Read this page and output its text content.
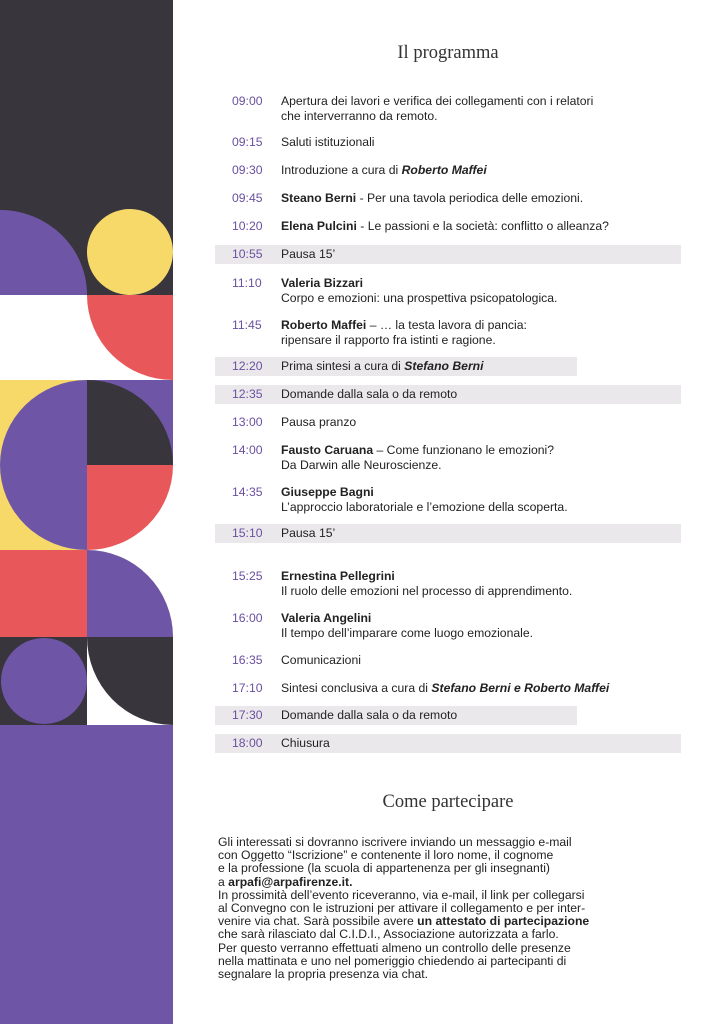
Il programma
09:00	Apertura dei lavori e verifica dei collegamenti con i relatori
che interverranno da remoto.
09:15	Saluti istituzionali
09:30	Introduzione a cura di Roberto Maffei
09:45	Steano Berni - Per una tavola periodica delle emozioni.
10:20	Elena Pulcini - Le passioni e la società: conflitto o alleanza?
10:55	Pausa 15’
11:10	Valeria Bizzari
Corpo e emozioni: una prospettiva psicopatologica.
11:45	Roberto Maffei – … la testa lavora di pancia:
ripensare il rapporto fra istinti e ragione.
12:20	Prima sintesi a cura di Stefano Berni
12:35	Domande dalla sala o da remoto
13:00	Pausa pranzo
14:00	Fausto Caruana – Come funzionano le emozioni?
Da Darwin alle Neuroscienze.
14:35	Giuseppe Bagni
L’approccio laboratoriale e l’emozione della scoperta.
15:10	Pausa 15’
15:25	Ernestina Pellegrini
Il ruolo delle emozioni nel processo di apprendimento.
16:00	Valeria Angelini
Il tempo dell’imparare come luogo emozionale.
16:35	Comunicazioni
17:10	Sintesi conclusiva a cura di Stefano Berni e Roberto Maffei
17:30	Domande dalla sala o da remoto
18:00	Chiusura
Come partecipare
Gli interessati si dovranno iscrivere inviando un messaggio e-mail
con Oggetto “Iscrizione” e contenente il loro nome, il cognome
e la professione (la scuola di appartenenza per gli insegnanti)
a arpafi@arpafirenze.it.
In prossimità dell’evento riceveranno, via e-mail, il link per collegarsi
al Convegno con le istruzioni per attivare il collegamento e per inter-
venire via chat. Sarà possibile avere un attestato di partecipazione
che sarà rilasciato dal C.I.D.I., Associazione autorizzata a farlo.
Per questo verranno effettuati almeno un controllo delle presenze
nella mattinata e uno nel pomeriggio chiedendo ai partecipanti di
segnalare la propria presenza via chat.
